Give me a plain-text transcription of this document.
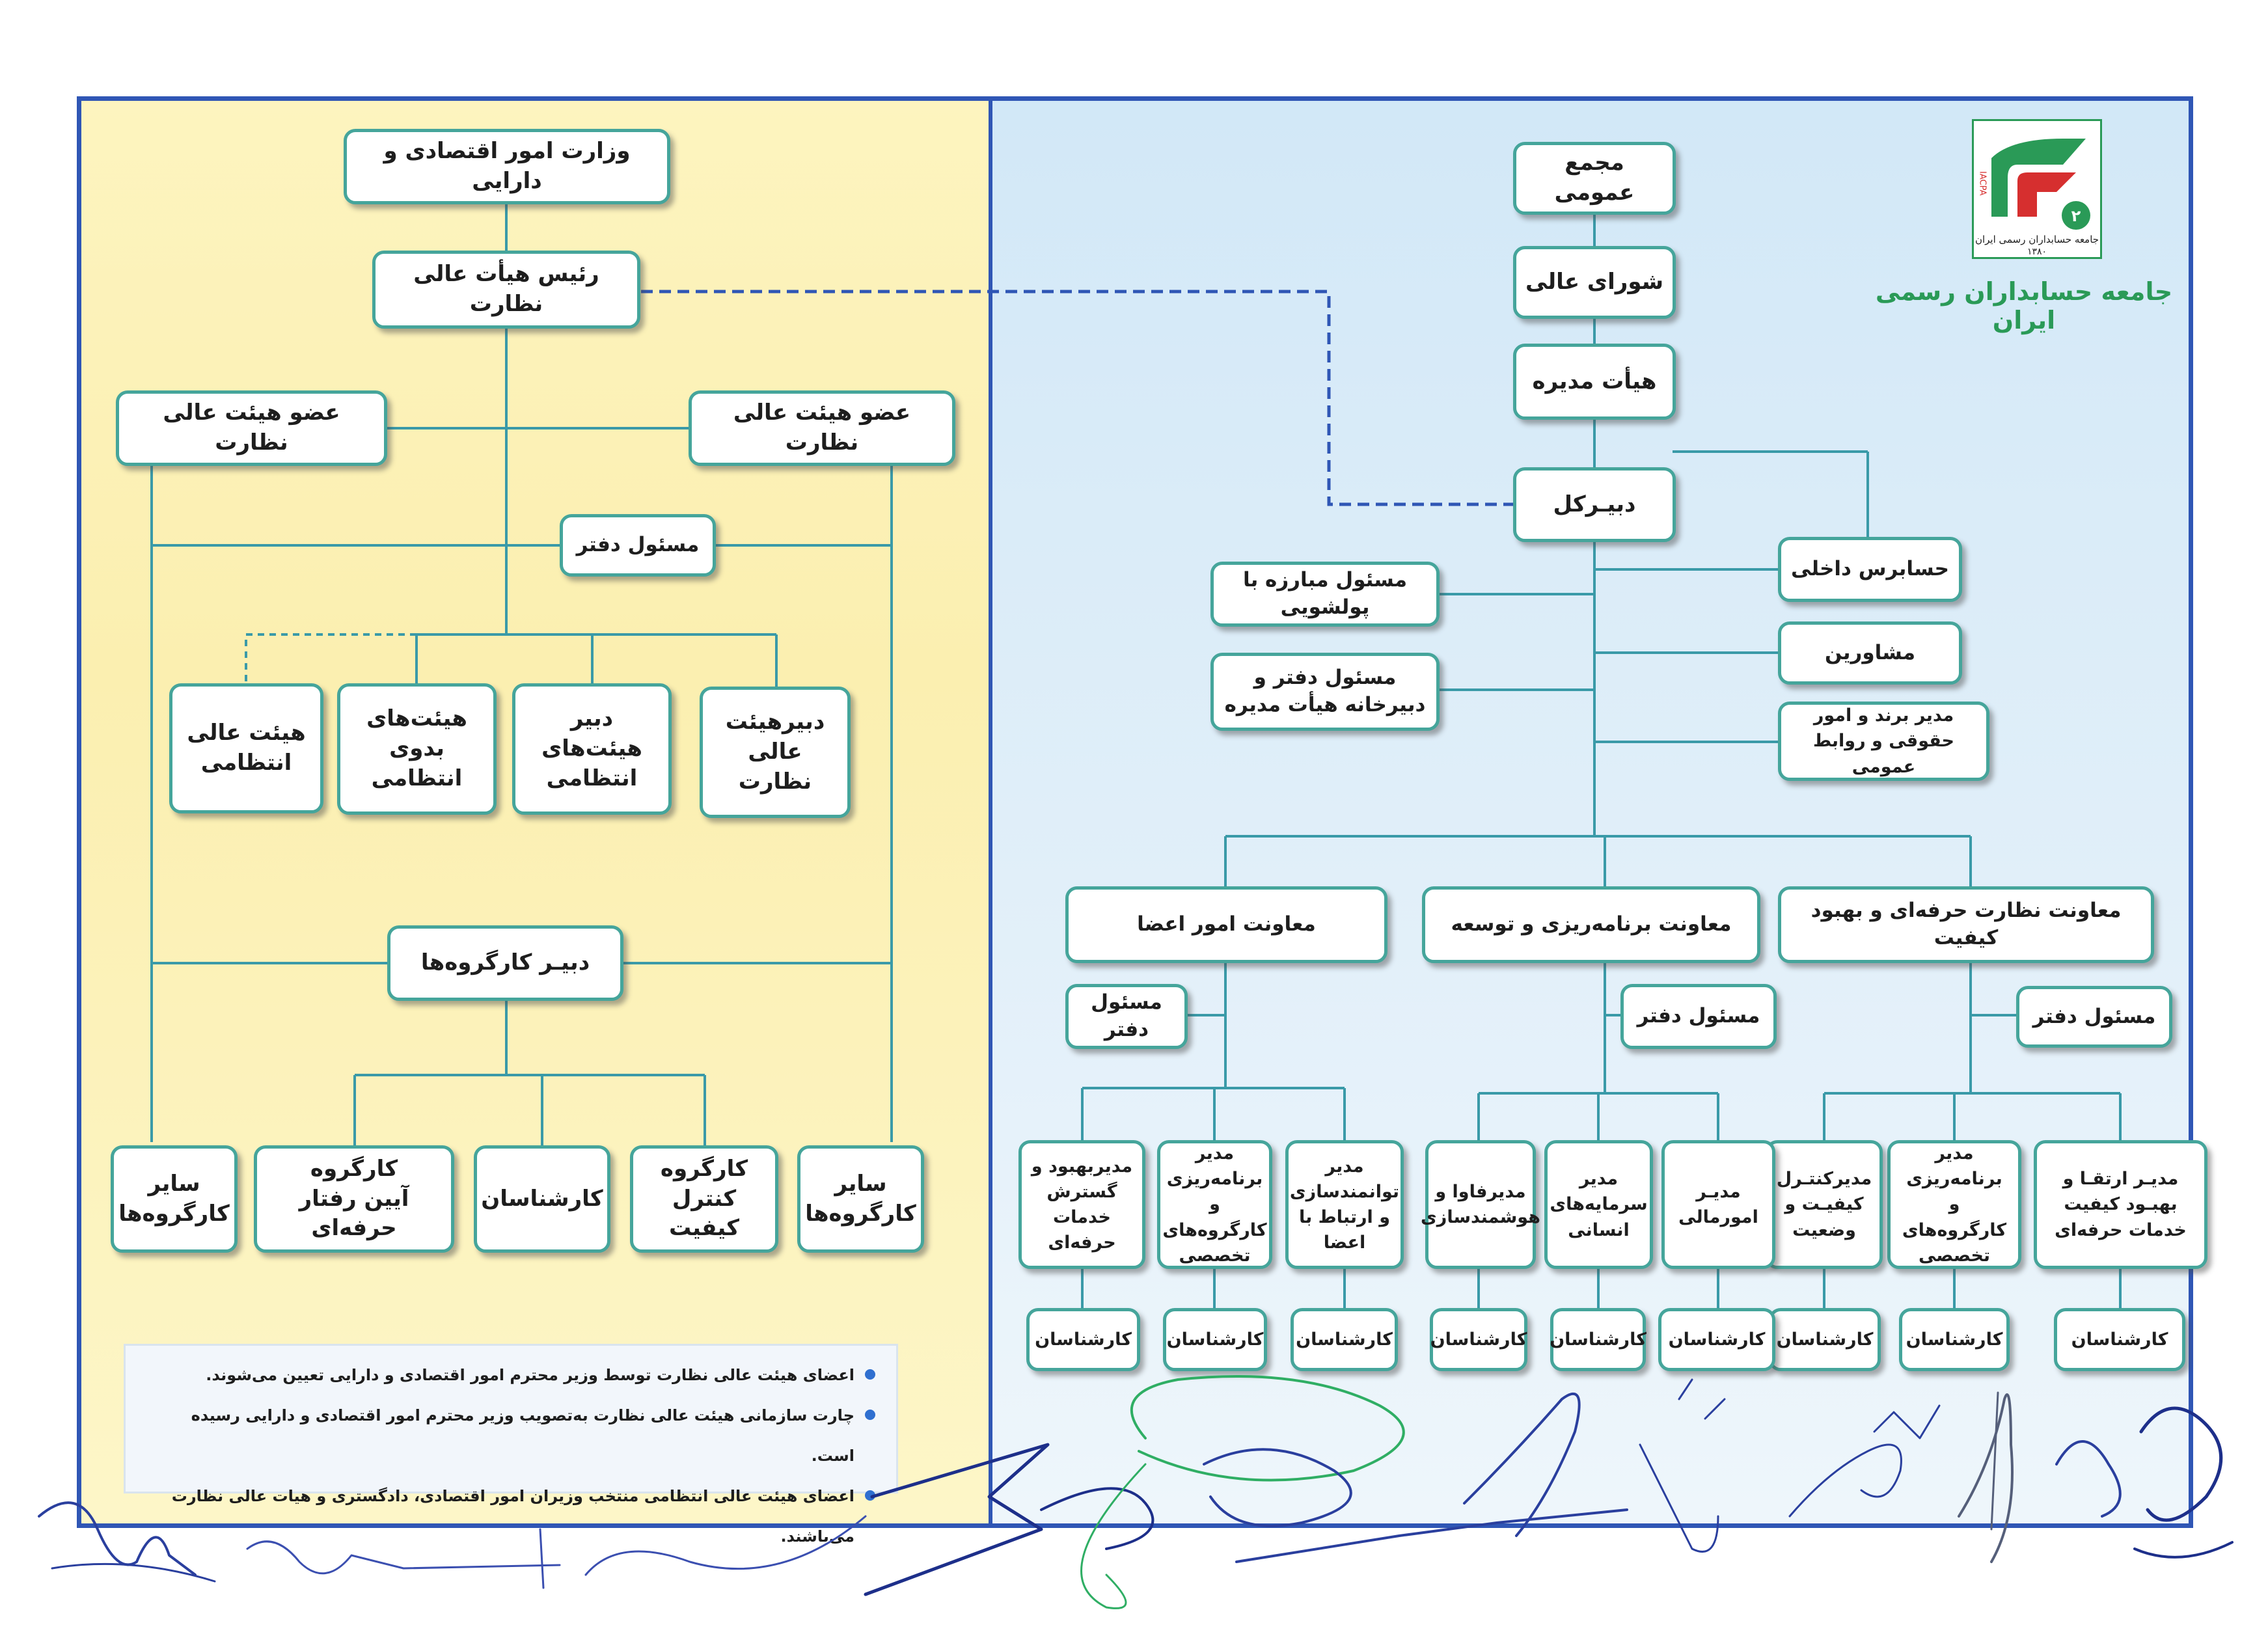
وزارت امور اقتصادی و دارایی
رئیس هیأت عالی نظارت
عضو هیئت عالی نظارت
عضو هیئت عالی نظارت
مسئول دفتر
دبیرهیئت
عالی نظارت
دبیر هیئت‌های
انتظامی
هیئت‌های
بدوی انتظامی
هیئت عالی
انتظامی
دبیـر کارگروه‌ها
سایر
کارگروه‌ها
کارگروه
کنترل کیفیت
کارشناسان
کارگروه
آیین رفتار حرفه‌ای
سایر
کارگروه‌ها
اعضای هیئت عالی نظارت توسط وزیر محترم امور اقتصادی و دارایی تعیین می‌شوند.
چارت سازمانی هیئت عالی نظارت به‌تصویب وزیر محترم امور اقتصادی و دارایی رسیده است.
اعضای هیئت عالی انتظامی منتخب وزیران امور اقتصادی، دادگستری و هیات عالی نظارت می‌باشند.
۲
جامعه حسابداران رسمی ایران
۱۳۸۰
IACPA
جامعه حسابداران رسمی ایران
مجمع عمومی
شورای عالی
هیأت مدیره
دبیـرکل
حسابرس داخلی
مشاورین
مدیر برند و امور
حقوقی و روابط عمومی
مسئول مبارزه با پولشویی
مسئول دفتر و
دبیرخانه هیأت مدیره
معاونت نظارت حرفه‌ای و بهبود کیفیت
معاونت برنامه‌ریزی و توسعه
معاونت امور اعضا
مسئول دفتر
مسئول دفتر
مسئول دفتر
مدیـر ارتقـا و
بهبـود کیفیت
خدمات حرفه‌ای
مدیر برنامه‌ریزی
و کارگروه‌های
تخصصی
مدیرکنتـرل
کیفیـت و
وضعیت
مدیـر
امورمالی
مدیر
سرمایه‌های
انسانی
مدیرفاوا و
هوشمندسازی
مدیر
توانمندسازی
و ارتباط با
اعضا
مدیر
برنامه‌ریزی و
کارگروه‌های
تخصصی
مدیربهبود و
گسترش خدمات
حرفه‌ای
کارشناسان
کارشناسان
کارشناسان
کارشناسان
کارشناسان
کارشناسان
کارشناسان
کارشناسان
کارشناسان
